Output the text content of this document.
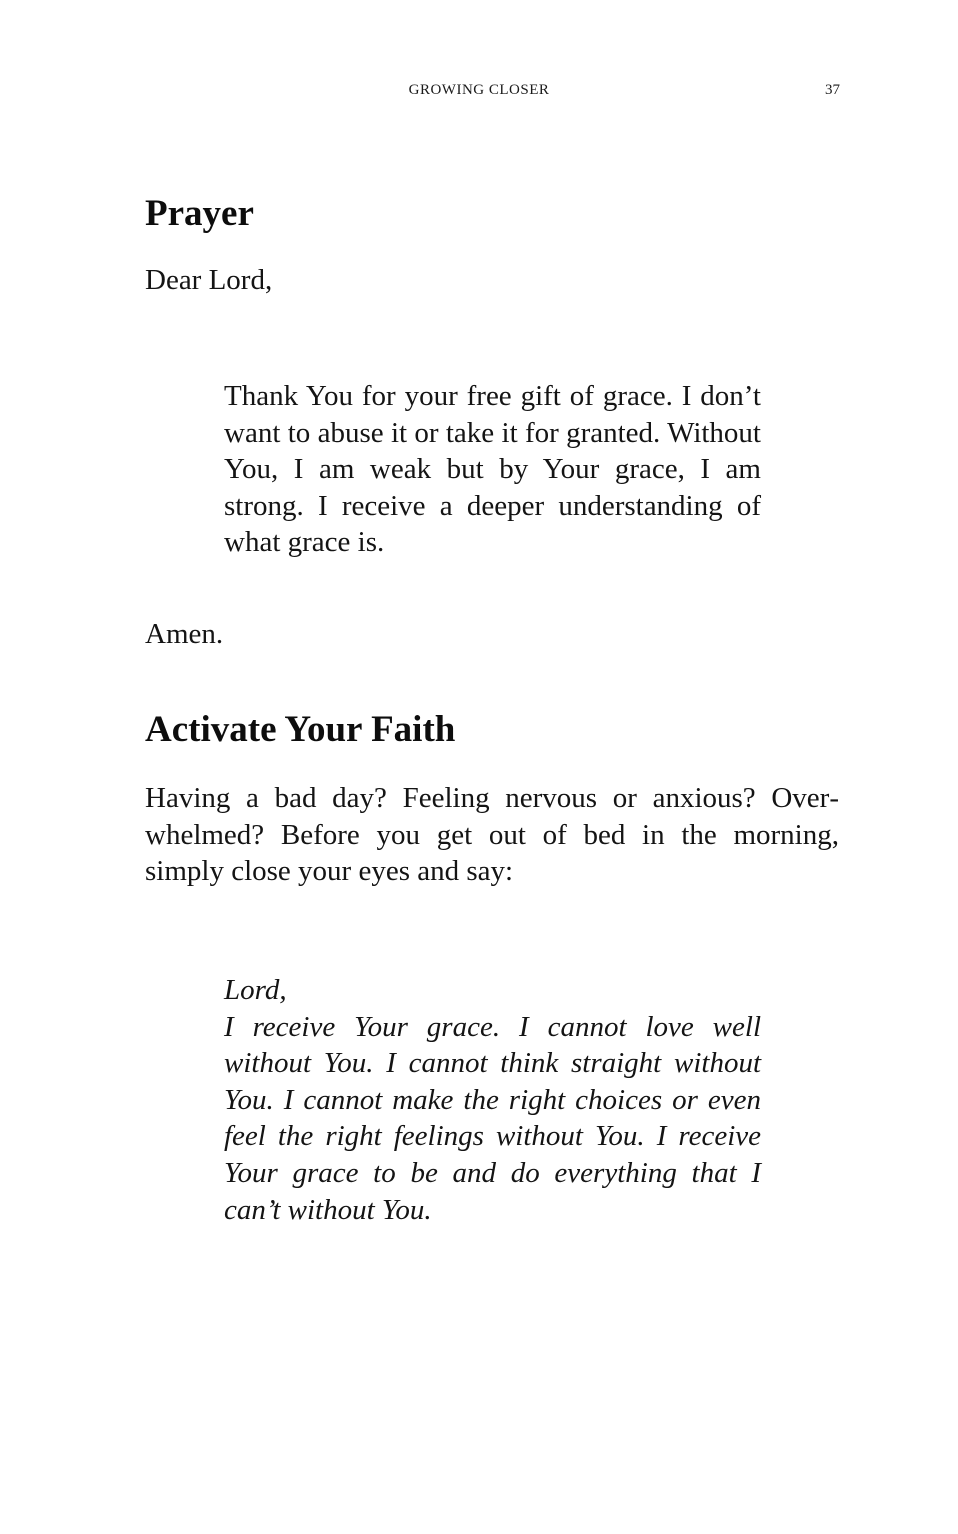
GROWING CLOSER	37
Prayer

Dear Lord,

Thank You for your free gift of grace. I don’t want to abuse it or take it for granted. Without You, I am weak but by Your grace, I am strong. I receive a deeper understanding of what grace is.

Amen.

Activate Your Faith

Having a bad day? Feeling nervous or anxious? Overwhelmed? Before you get out of bed in the morning, simply close your eyes and say:

Lord,

I receive Your grace. I cannot love well without You. I cannot think straight without You. I cannot make the right choices or even feel the right feelings without You. I receive Your grace to be and do everything that I can’t without You.
